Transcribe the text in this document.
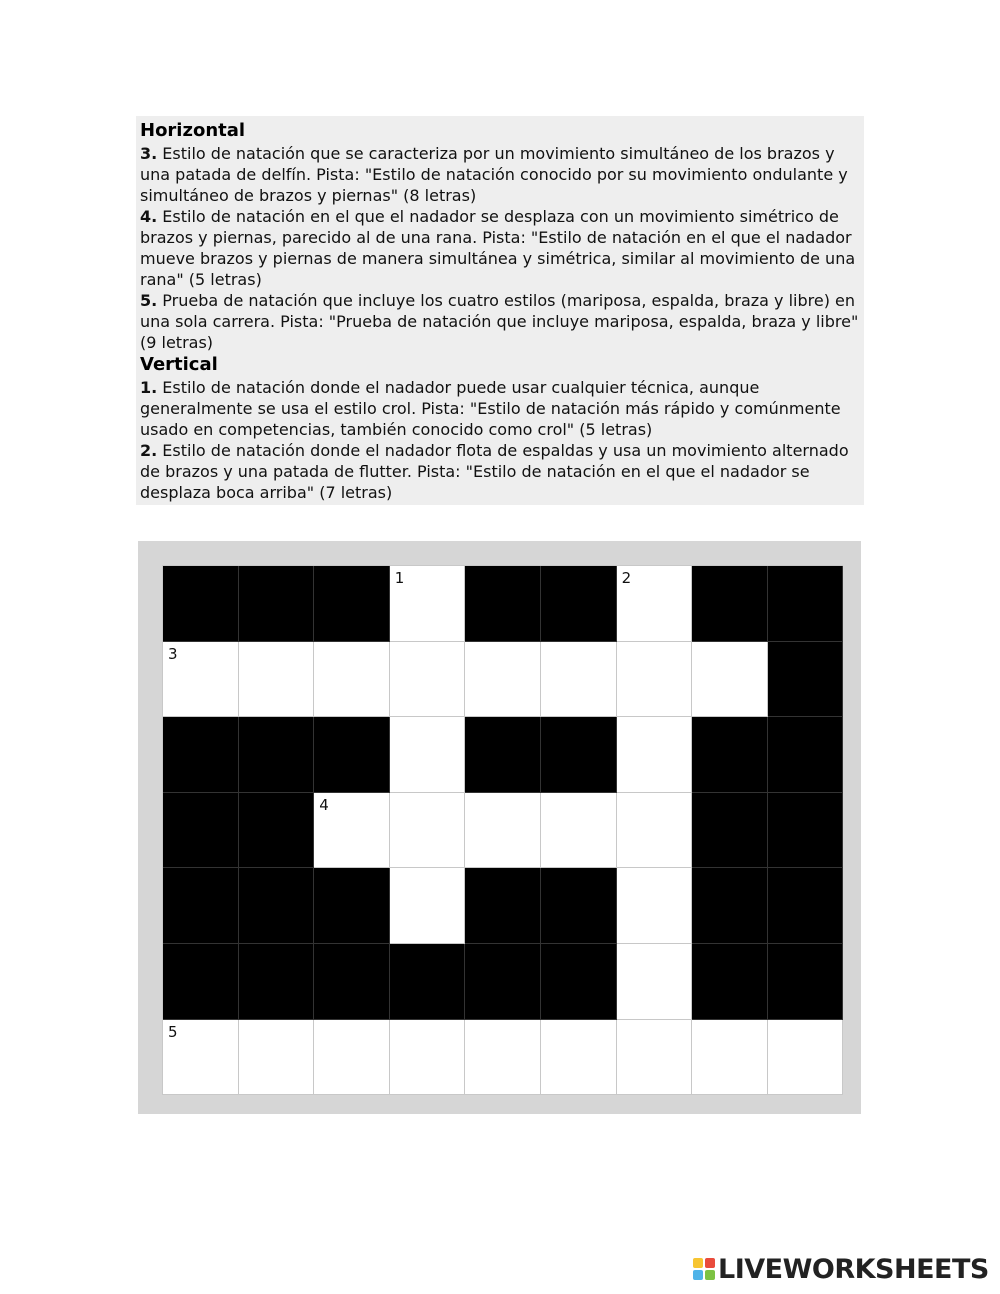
Horizontal

3. Estilo de natación que se caracteriza por un movimiento simultáneo de los brazos y una patada de delfín. Pista: "Estilo de natación conocido por su movimiento ondulante y simultáneo de brazos y piernas" (8 letras)

4. Estilo de natación en el que el nadador se desplaza con un movimiento simétrico de brazos y piernas, parecido al de una rana. Pista: "Estilo de natación en el que el nadador mueve brazos y piernas de manera simultánea y simétrica, similar al movimiento de una rana" (5 letras)

5. Prueba de natación que incluye los cuatro estilos (mariposa, espalda, braza y libre) en una sola carrera. Pista: "Prueba de natación que incluye mariposa, espalda, braza y libre" (9 letras)

Vertical

1. Estilo de natación donde el nadador puede usar cualquier técnica, aunque generalmente se usa el estilo crol. Pista: "Estilo de natación más rápido y comúnmente usado en competencias, también conocido como crol" (5 letras)

2. Estilo de natación donde el nadador flota de espaldas y usa un movimiento alternado de brazos y una patada de flutter. Pista: "Estilo de natación en el que el nadador se desplaza boca arriba" (7 letras)

1	2
3
4
5
LIVEWORKSHEETS
